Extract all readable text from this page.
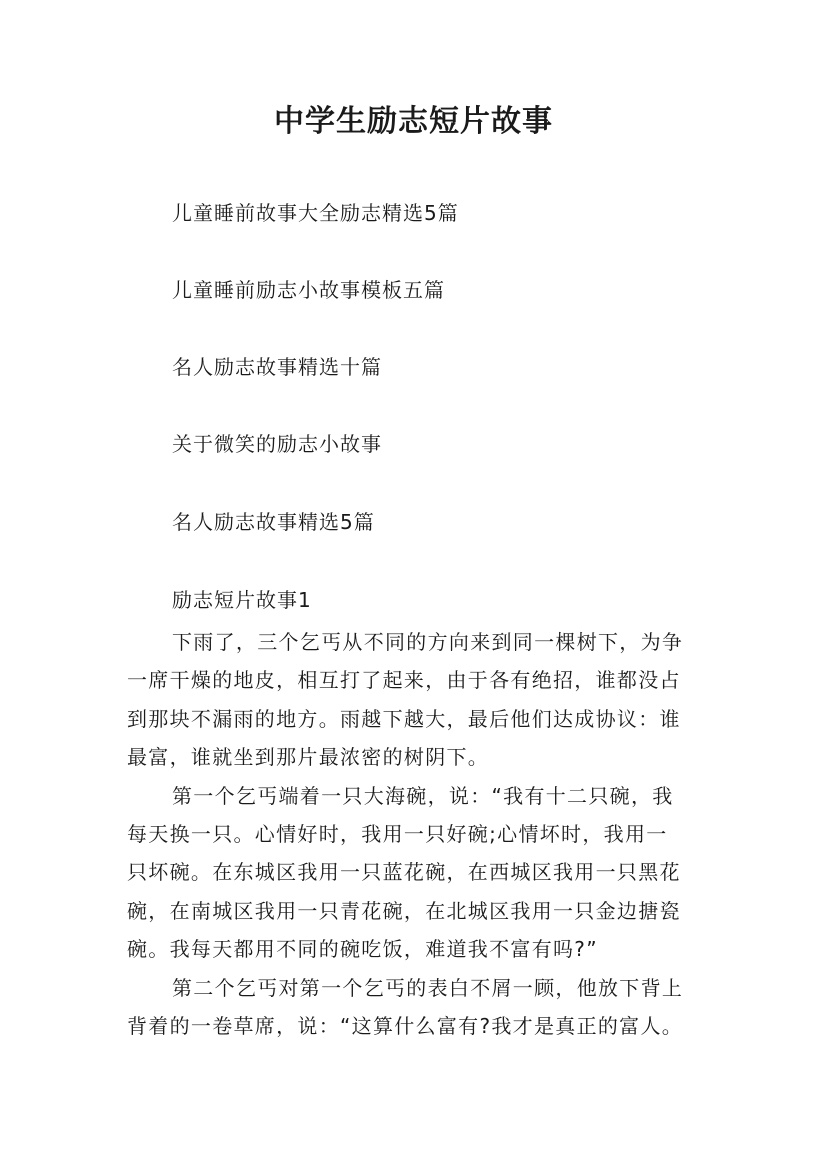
中学生励志短片故事
儿童睡前故事大全励志精选5篇
儿童睡前励志小故事模板五篇
名人励志故事精选十篇
关于微笑的励志小故事
名人励志故事精选5篇
励志短片故事1
下雨了，三个乞丐从不同的方向来到同一棵树下，为争
一席干燥的地皮，相互打了起来，由于各有绝招，谁都没占
到那块不漏雨的地方。雨越下越大，最后他们达成协议：谁
最富，谁就坐到那片最浓密的树阴下。
第一个乞丐端着一只大海碗，说：“我有十二只碗，我
每天换一只。心情好时，我用一只好碗;心情坏时，我用一
只坏碗。在东城区我用一只蓝花碗，在西城区我用一只黑花
碗，在南城区我用一只青花碗，在北城区我用一只金边搪瓷
碗。我每天都用不同的碗吃饭，难道我不富有吗?”
第二个乞丐对第一个乞丐的表白不屑一顾，他放下背上
背着的一卷草席，说：“这算什么富有?我才是真正的富人。
